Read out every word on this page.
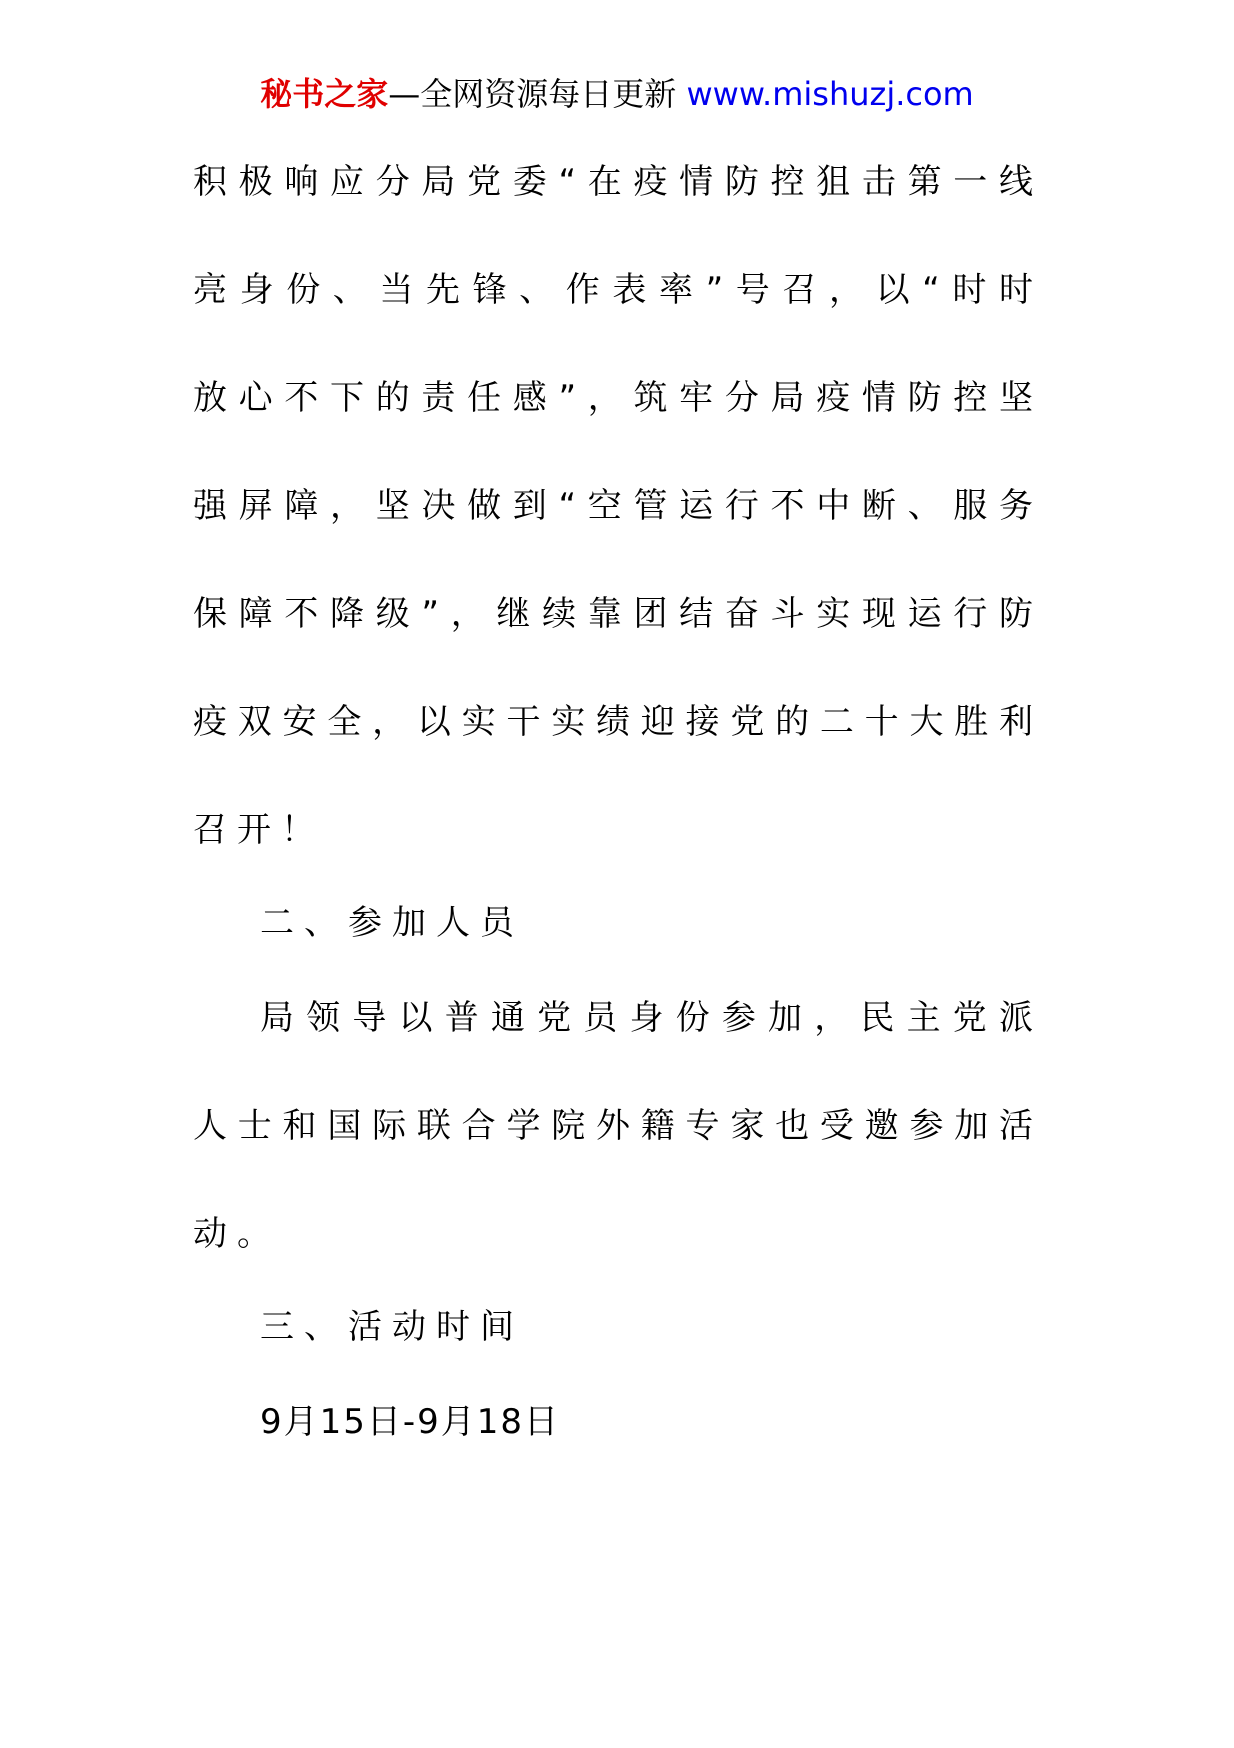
秘书之家—全网资源每日更新 www.mishuzj.com
积极响应分局党委“在疫情防控狙击第一线
亮身份、当先锋、作表率”号召，以“时时
放心不下的责任感”，筑牢分局疫情防控坚
强屏障，坚决做到“空管运行不中断、服务
保障不降级”，继续靠团结奋斗实现运行防
疫双安全，以实干实绩迎接党的二十大胜利
召开！
二、参加人员
局领导以普通党员身份参加，民主党派
人士和国际联合学院外籍专家也受邀参加活
动。
三、活动时间
9月15日-9月18日
